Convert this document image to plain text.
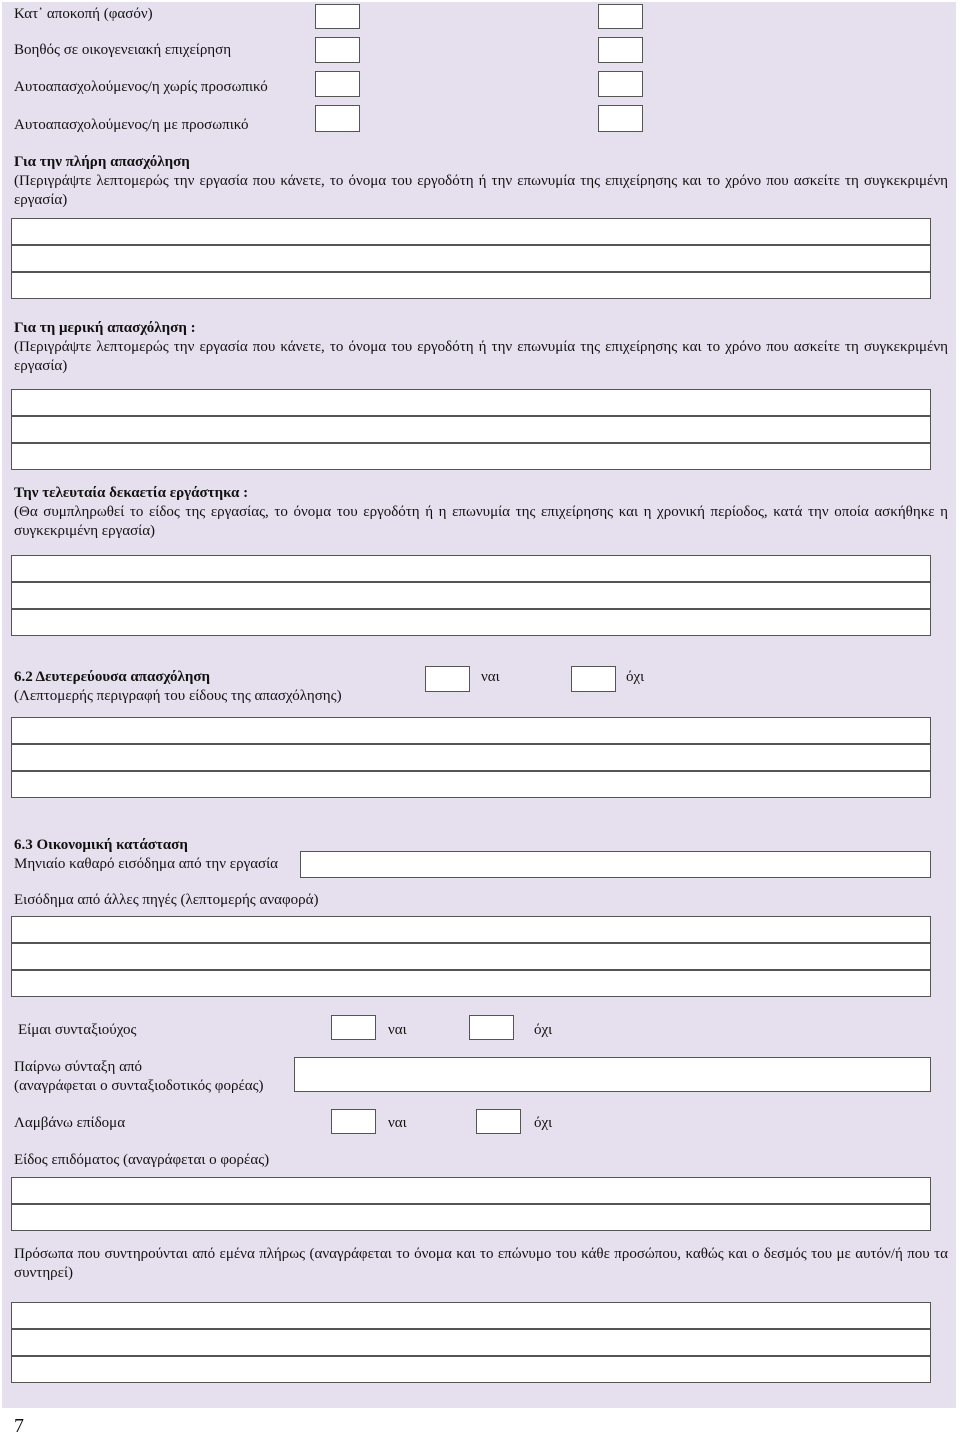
Κατ᾽ αποκοπή (φασόν)
Βοηθός σε οικογενειακή επιχείρηση
Αυτοαπασχολούμενος/η χωρίς προσωπικό
Αυτοαπασχολούμενος/η με προσωπικό
Για την πλήρη απασχόληση
(Περιγράψτε λεπτομερώς την εργασία που κάνετε, το όνομα του εργοδότη ή την επωνυμία της επιχείρησης και το χρόνο που ασκείτε τη συγκεκριμένη εργασία)
Για τη μερική απασχόληση :
(Περιγράψτε λεπτομερώς την εργασία που κάνετε, το όνομα του εργοδότη ή την επωνυμία της επιχείρησης και το χρόνο που ασκείτε τη συγκεκριμένη εργασία)
Την τελευταία δεκαετία εργάστηκα :
(Θα συμπληρωθεί το είδος της εργασίας, το όνομα του εργοδότη ή η επωνυμία της επιχείρησης και η χρονική περίοδος, κατά την οποία ασκήθηκε η συγκεκριμένη εργασία)
6.2 Δευτερεύουσα απασχόληση	ναι	όχι
(Λεπτομερής περιγραφή του είδους της απασχόλησης)
6.3 Οικονομική κατάσταση
Μηνιαίο καθαρό εισόδημα από την εργασία
Εισόδημα από άλλες πηγές (λεπτομερής αναφορά)
Είμαι συνταξιούχος	ναι	όχι
Παίρνω σύνταξη από
(αναγράφεται ο συνταξιοδοτικός φορέας)
Λαμβάνω επίδομα	ναι	όχι
Είδος επιδόματος (αναγράφεται ο φορέας)
Πρόσωπα που συντηρούνται από εμένα πλήρως (αναγράφεται το όνομα και το επώνυμο του κάθε προσώπου, καθώς και ο δεσμός του με αυτόν/ή που τα συντηρεί)
7
